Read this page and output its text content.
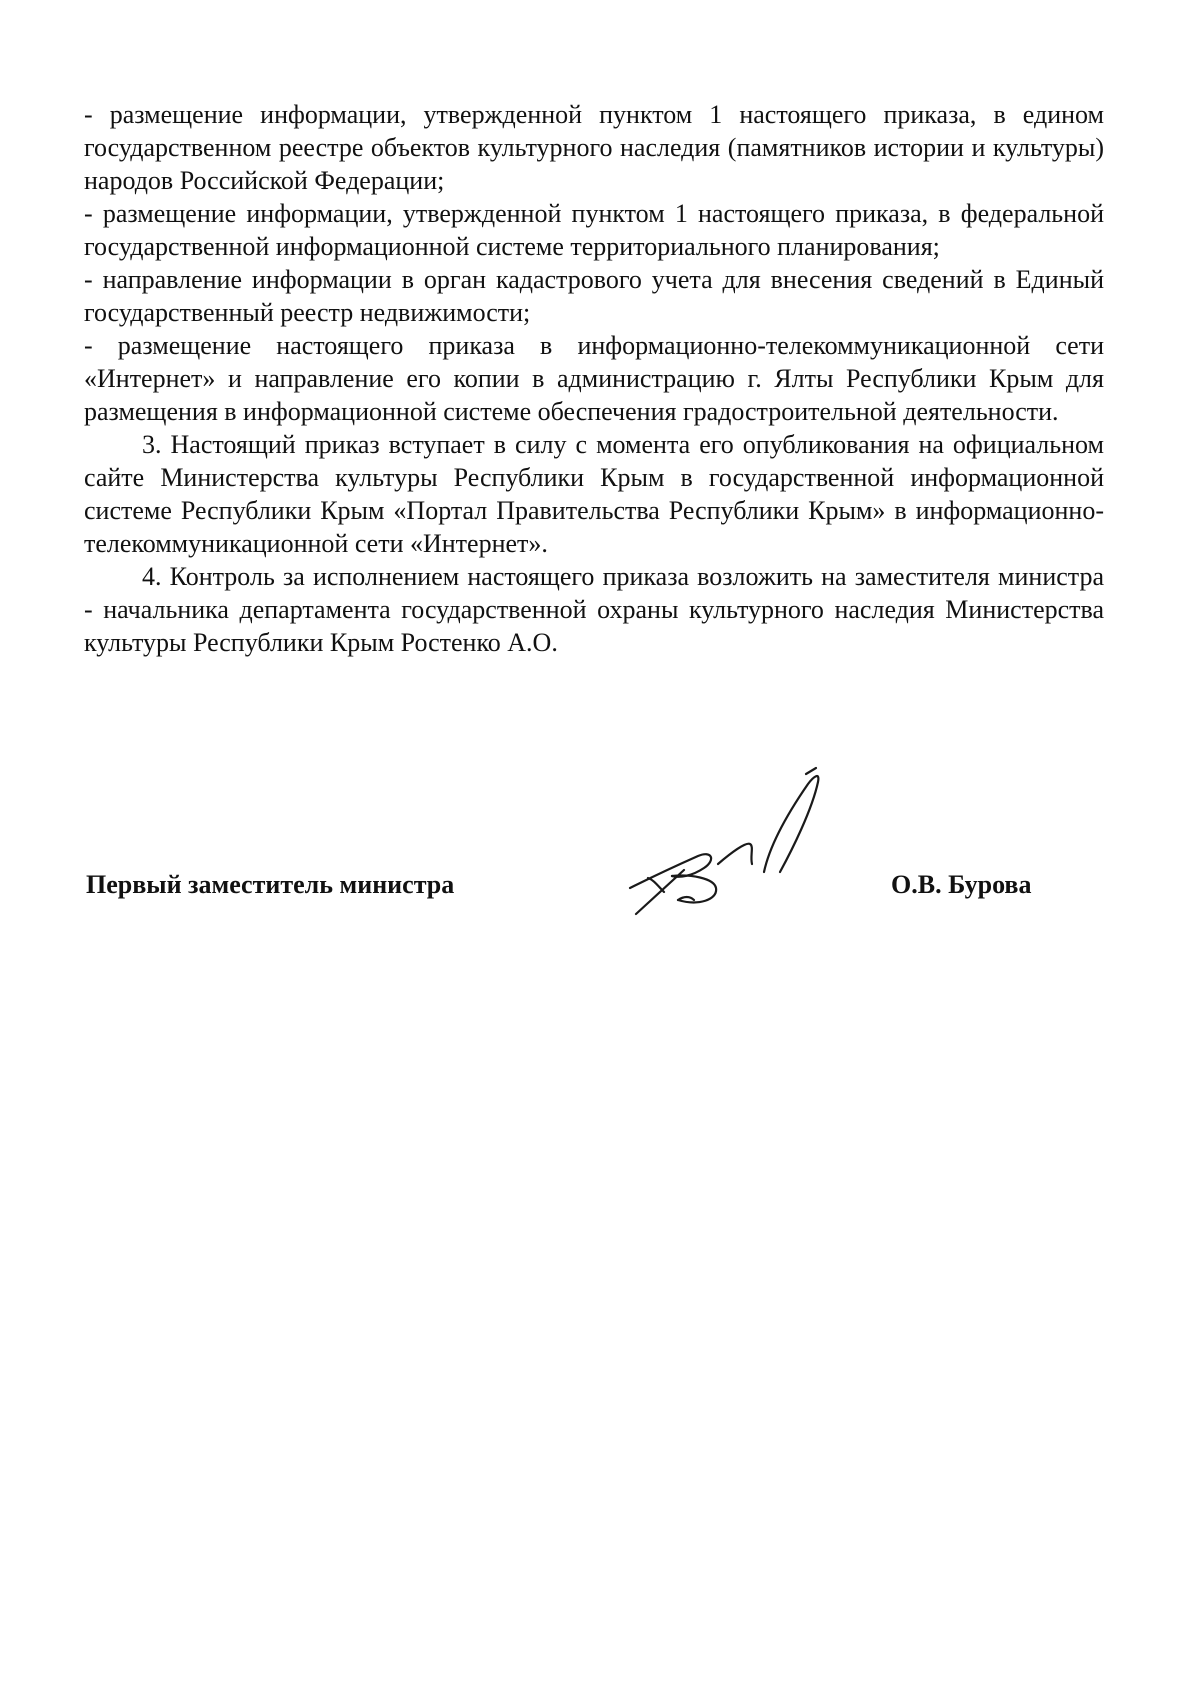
- размещение информации, утвержденной пунктом 1 настоящего приказа, в едином государственном реестре объектов культурного наследия (памятников истории и культуры) народов Российской Федерации;

- размещение информации, утвержденной пунктом 1 настоящего приказа, в федеральной государственной информационной системе территориального планирования;

- направление информации в орган кадастрового учета для внесения сведений в Единый государственный реестр недвижимости;

- размещение настоящего приказа в информационно-телекоммуникационной сети «Интернет» и направление его копии в администрацию г. Ялты Республики Крым для размещения в информационной системе обеспечения градостроительной деятельности.

3. Настоящий приказ вступает в силу с момента его опубликования на официальном сайте Министерства культуры Республики Крым в государственной информационной системе Республики Крым «Портал Правительства Республики Крым» в информационно-телекоммуникационной сети «Интернет».

4. Контроль за исполнением настоящего приказа возложить на заместителя министра - начальника департамента государственной охраны культурного наследия Министерства культуры Республики Крым Ростенко А.О.

Первый заместитель министра	О.В. Бурова
